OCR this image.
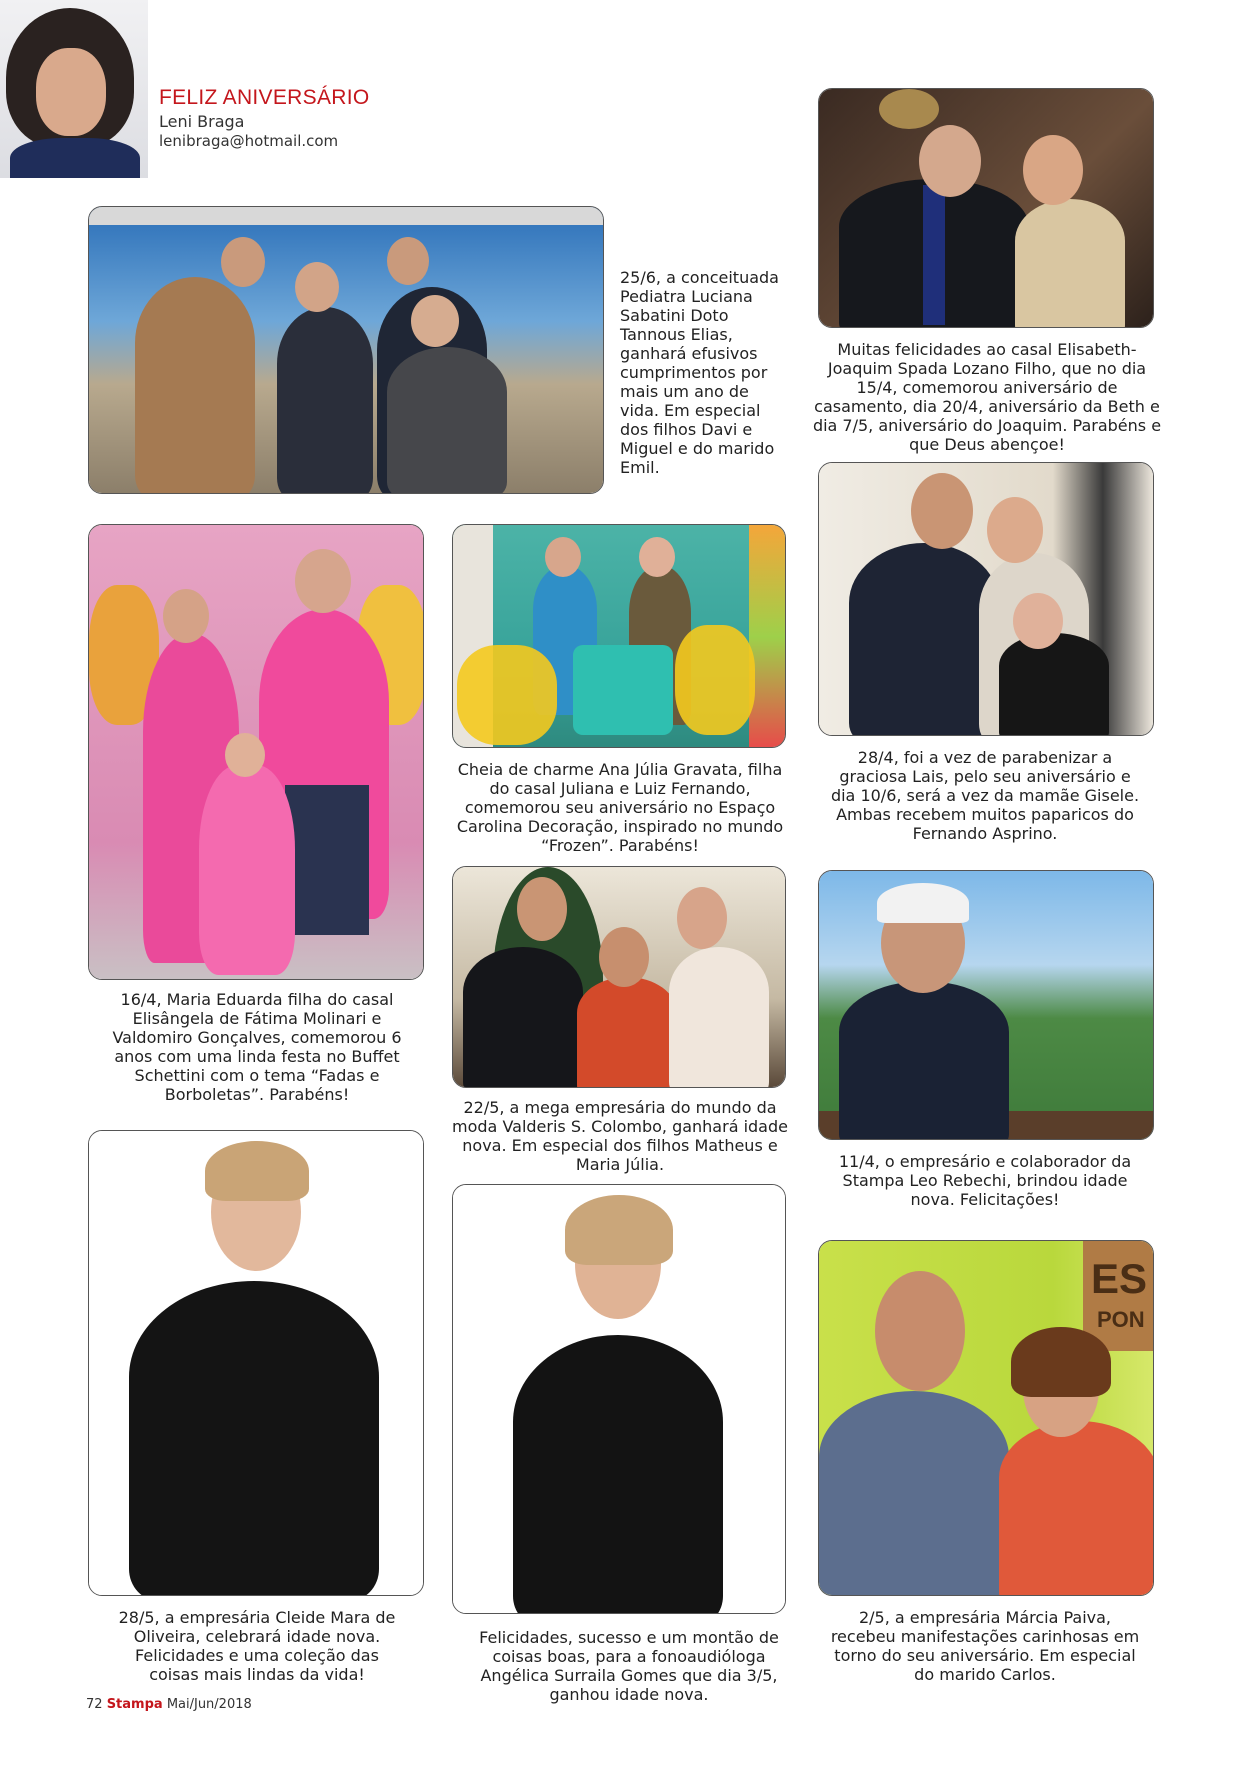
FELIZ ANIVERSÁRIO
Leni Braga
lenibraga@hotmail.com
25/6, a conceituada Pediatra Luciana Sabatini Doto Tannous Elias, ganhará efusivos cumprimentos por mais um ano de vida. Em especial dos filhos Davi e Miguel e do marido Emil.
Muitas felicidades ao casal Elisabeth-Joaquim Spada Lozano Filho, que no dia 15/4, comemorou aniversário de casamento, dia 20/4, aniversário da Beth e dia 7/5, aniversário do Joaquim. Parabéns e que Deus abençoe!
16/4, Maria Eduarda filha do casal Elisângela de Fátima Molinari e Valdomiro Gonçalves, comemorou 6 anos com uma linda festa no Buffet Schettini com o tema “Fadas e Borboletas”. Parabéns!
Cheia de charme Ana Júlia Gravata, filha do casal Juliana e Luiz Fernando, comemorou seu aniversário no Espaço Carolina Decoração, inspirado no mundo “Frozen”. Parabéns!
28/4, foi a vez de parabenizar a graciosa Lais, pelo seu aniversário e dia 10/6, será a vez da mamãe Gisele. Ambas recebem muitos paparicos do Fernando Asprino.
22/5, a mega empresária do mundo da moda Valderis S. Colombo, ganhará idade nova. Em especial dos filhos Matheus e Maria Júlia.	11/4, o empresário e colaborador da Stampa Leo Rebechi, brindou idade nova. Felicitações!
28/5, a empresária Cleide Mara de Oliveira, celebrará idade nova. Felicidades e uma coleção das coisas mais lindas da vida!
Felicidades, sucesso e um montão de coisas boas, para a fonoaudióloga Angélica Surraila Gomes que dia 3/5, ganhou idade nova.
ES
PON
2/5, a empresária Márcia Paiva, recebeu manifestações carinhosas em torno do seu aniversário. Em especial do marido Carlos.
72 Stampa Mai/Jun/2018
